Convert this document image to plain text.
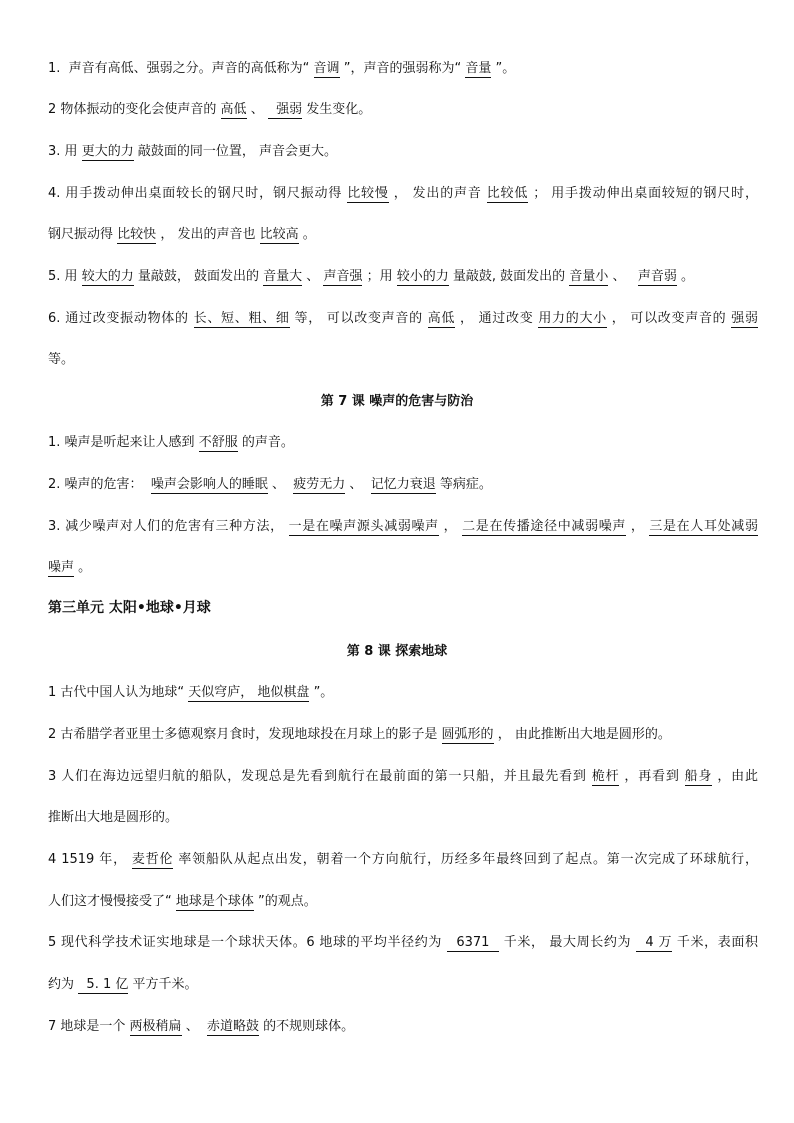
1.  声音有高低、强弱之分。声音的高低称为“ 音调 ”，声音的强弱称为“ 音量 ”。
2 物体振动的变化会使声音的 高低 、   强弱 发生变化。
3. 用 更大的力 敲鼓面的同一位置， 声音会更大。
4. 用手拨动伸出桌面较长的钢尺时，钢尺振动得 比较慢 ， 发出的声音 比较低 ； 用手拨动伸出桌面较短的钢尺时，
钢尺振动得 比较快 ， 发出的声音也 比较高 。
5. 用 较大的力 量敲鼓， 鼓面发出的 音量大 、 声音强 ；用 较小的力 量敲鼓, 鼓面发出的 音量小 、   声音弱 。
6. 通过改变振动物体的 长、短、粗、细 等， 可以改变声音的 高低 ， 通过改变 用力的大小 ， 可以改变声音的 强弱
等。
第 7 课 噪声的危害与防治
1. 噪声是听起来让人感到 不舒服 的声音。
2. 噪声的危害：  噪声会影响人的睡眠 、  疲劳无力 、  记忆力衰退 等病症。
3. 减少噪声对人们的危害有三种方法， 一是在噪声源头减弱噪声 ， 二是在传播途径中减弱噪声 ， 三是在人耳处减弱
噪声 。
第三单元 太阳•地球•月球
第 8 课 探索地球
1 古代中国人认为地球“ 天似穹庐， 地似棋盘 ”。
2 古希腊学者亚里士多德观察月食时，发现地球投在月球上的影子是 圆弧形的 ， 由此推断出大地是圆形的。
3 人们在海边远望归航的船队，发现总是先看到航行在最前面的第一只船，并且最先看到 桅杆 ，再看到 船身 ，由此
推断出大地是圆形的。
4 1519 年， 麦哲伦 率领船队从起点出发，朝着一个方向航行，历经多年最终回到了起点。第一次完成了环球航行，
人们这才慢慢接受了“ 地球是个球体 ”的观点。
5 现代科学技术证实地球是一个球状天体。6 地球的平均半径约为   6371   千米， 最大周长约为   4 万 千米，表面积
约为   5. 1 亿 平方千米。
7 地球是一个 两极稍扁 、  赤道略鼓 的不规则球体。
